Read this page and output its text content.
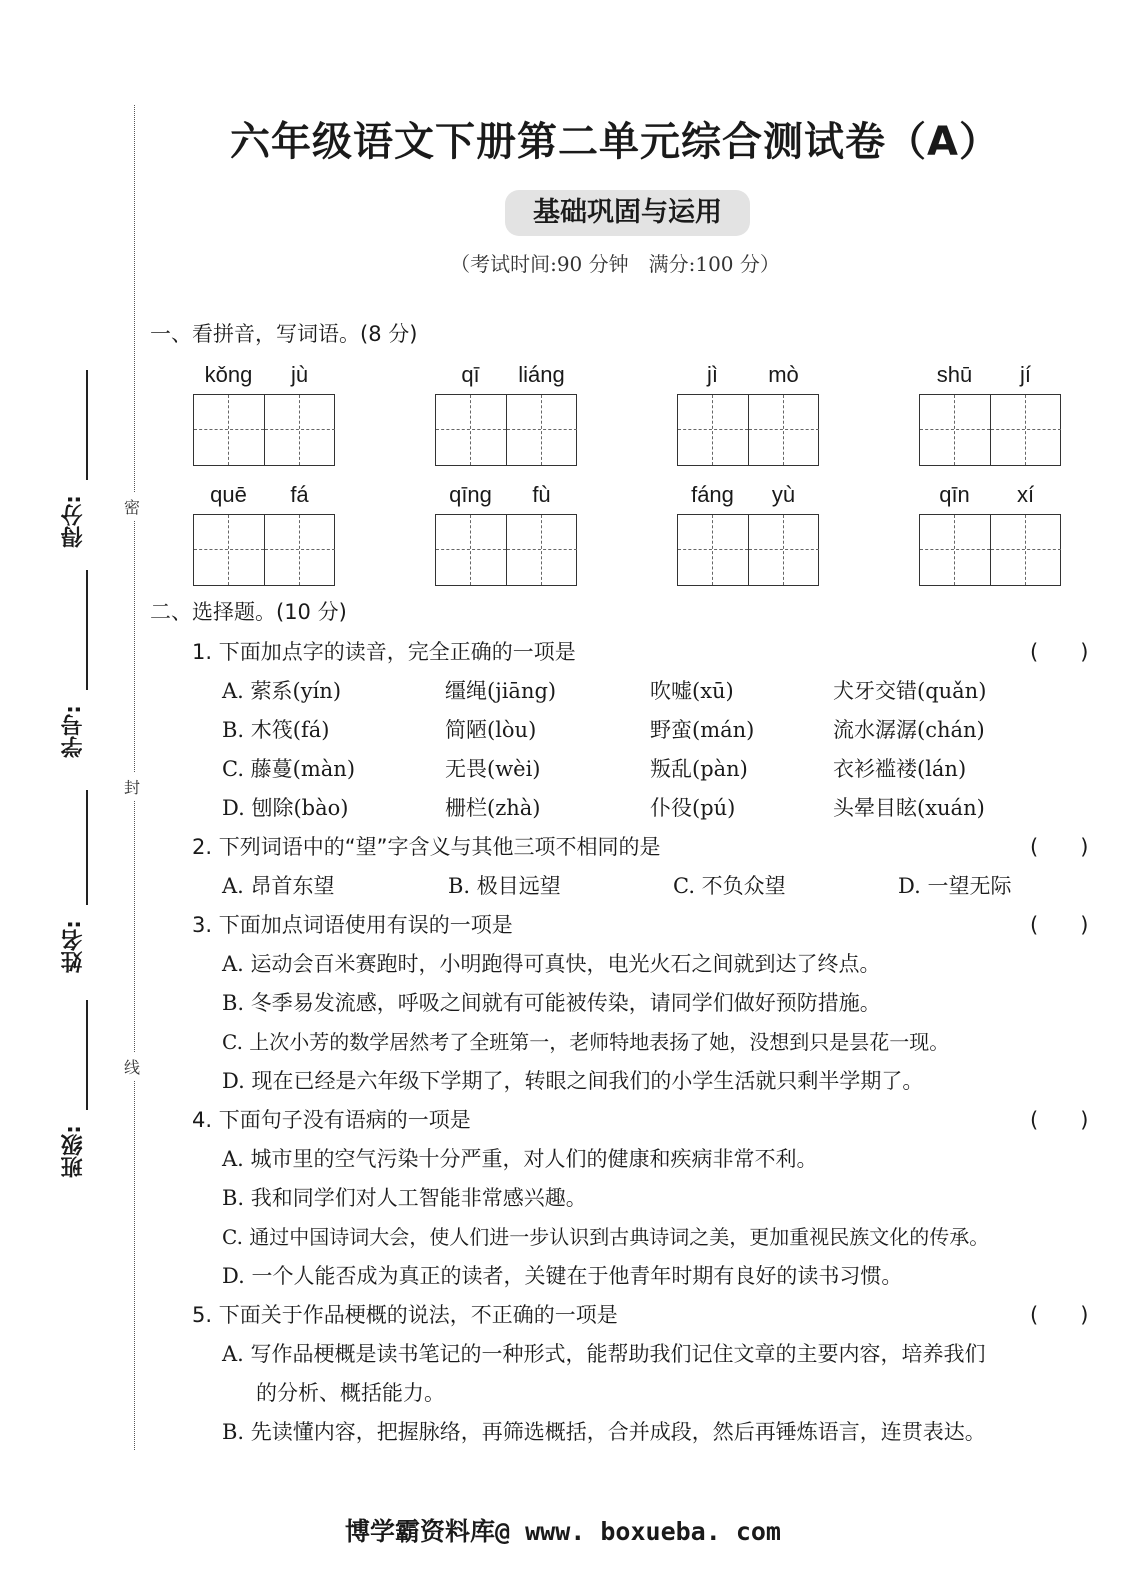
密
封
线
得分:
学号:
姓名:
班级:
六年级语文下册第二单元综合测试卷（A）
基础巩固与运用
（考试时间:90 分钟　满分:100 分）
一、看拼音，写词语。(8 分)
kǒng	jù	qī	liáng	jì	mò	shū	jí
quē	fá	qīng	fù	fáng	yù	qīn	xí
二、选择题。(10 分)
1. 下面加点字的读音，完全正确的一项是	(　　)
A. 萦系(yín)	缰绳(jiāng)	吹嘘(xū)	犬牙交错(quǎn)
B. 木筏(fá)	简陋(lòu)	野蛮(mán)	流水潺潺(chán)
C. 藤蔓(màn)	无畏(wèi)	叛乱(pàn)	衣衫褴褛(lán)
D. 刨除(bào)	栅栏(zhà)	仆役(pú)	头晕目眩(xuán)
2. 下列词语中的“望”字含义与其他三项不相同的是	(　　)
A. 昂首东望	B. 极目远望	C. 不负众望	D. 一望无际
3. 下面加点词语使用有误的一项是	(　　)
A. 运动会百米赛跑时，小明跑得可真快，电光火石之间就到达了终点。
B. 冬季易发流感，呼吸之间就有可能被传染，请同学们做好预防措施。
C. 上次小芳的数学居然考了全班第一，老师特地表扬了她，没想到只是昙花一现。
D. 现在已经是六年级下学期了，转眼之间我们的小学生活就只剩半学期了。
4. 下面句子没有语病的一项是	(　　)
A. 城市里的空气污染十分严重，对人们的健康和疾病非常不利。
B. 我和同学们对人工智能非常感兴趣。
C. 通过中国诗词大会，使人们进一步认识到古典诗词之美，更加重视民族文化的传承。
D. 一个人能否成为真正的读者，关键在于他青年时期有良好的读书习惯。
5. 下面关于作品梗概的说法，不正确的一项是	(　　)
A. 写作品梗概是读书笔记的一种形式，能帮助我们记住文章的主要内容，培养我们
的分析、概括能力。
B. 先读懂内容，把握脉络，再筛选概括，合并成段，然后再锤炼语言，连贯表达。
博学霸资料库@ www. boxueba. com
